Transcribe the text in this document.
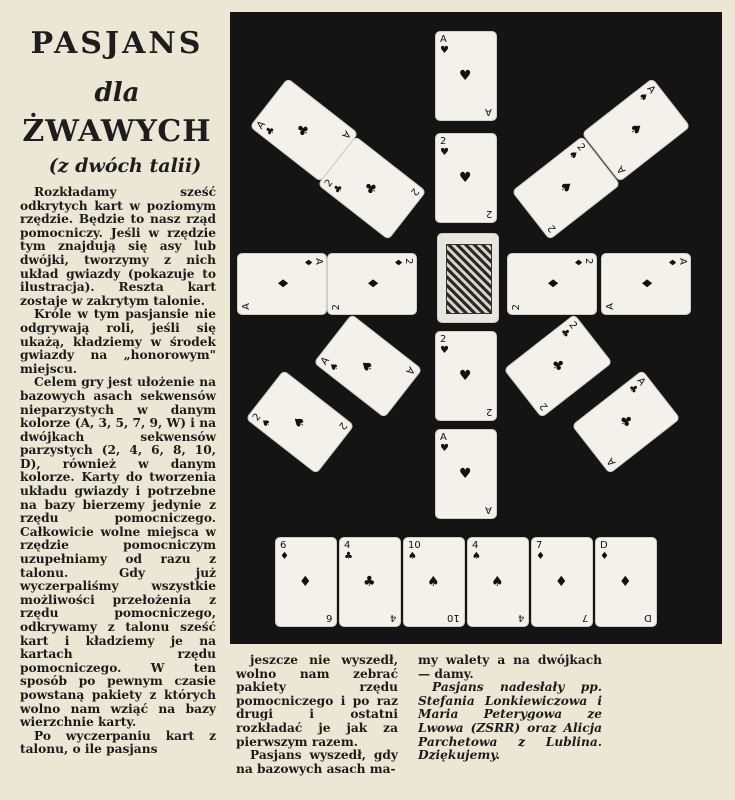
PASJANS
dla
ŻWAWYCH
(z dwóch talii)

Rozkładamy sześć odkrytych kart w poziomym rzędzie. Będzie to nasz rząd pomocniczy. Jeśli w rzędzie tym znajdują się asy lub dwójki, tworzymy z nich układ gwiazdy (pokazuje to ilustracja). Reszta kart zostaje w zakrytym talonie.

Króle w tym pasjansie nie odgrywają roli, jeśli się ukażą, kładziemy w środek gwiazdy na „honorowym" miejscu.

Celem gry jest ułożenie na bazowych asach sekwensów nieparzystych w danym kolorze (A, 3, 5, 7, 9, W) i na dwójkach sekwensów parzystych (2, 4, 6, 8, 10, D), również w danym kolorze. Karty do tworzenia układu gwiazdy i potrzebne na bazy bierzemy jedynie z rzędu pomocniczego. Całkowicie wolne miejsca w rzędzie pomocniczym uzupełniamy od razu z talonu. Gdy już wyczerpaliśmy wszystkie możliwości przełożenia z rzędu pomocniczego, odkrywamy z talonu sześć kart i kładziemy je na kartach rzędu pomocniczego. W ten sposób po pewnym czasie powstaną pakiety z których wolno nam wziąć na bazy wierzchnie karty.

Po wyczerpaniu kart z talonu, o ile pasjans

A
♥
A
♥
2
♥
2
♥
A
♣	A
♣
2
♣	2
♣
A
♠
A
♠
2
♠
2
♠
A
♦
A
♦
2
♦
2
♦
2
♦
2
♦
A
♦
A
♦
A
♠	A
♠
2
♠	2
♠
2
♥
2
♥
A
♥
A
♥
2
♣
2
♣
A
♣
A
♣
6
♦
6
♦
4
♣
4
♣
10
♠
10
♠
4
♠
4
♠
7
♦
7
♦
D
♦
D
♦

jeszcze nie wyszedł, wolno nam zebrać pakiety rzędu pomocniczego i po raz drugi i ostatni rozkładać je jak za pierwszym razem.

Pasjans wyszedł, gdy na bazowych asach ma-

my walety a na dwójkach — damy.

Pasjans nadesłały pp. Stefania Lonkiewiczowa i Maria Peterygowa ze Lwowa (ZSRR) oraz Alicja Parchetowa z Lublina. Dziękujemy.
